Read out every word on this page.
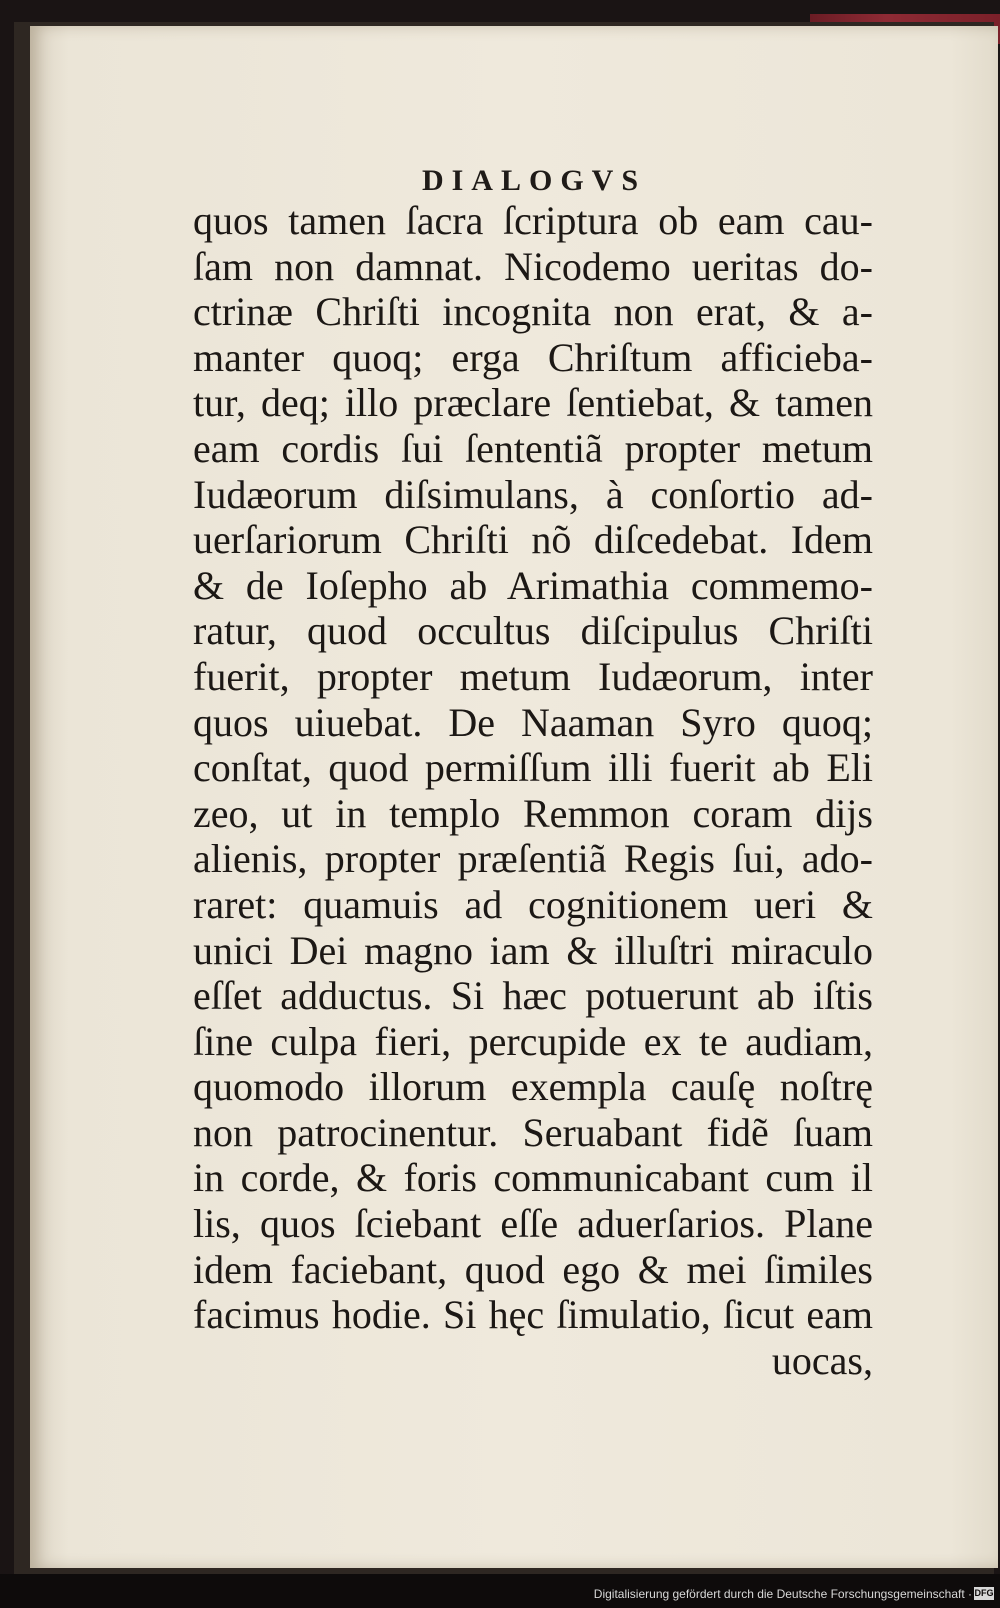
DIALOGVS
quos tamen ſacra ſcriptura ob eam cau-
ſam non damnat. Nicodemo ueritas do-
ctrinæ Chriſti incognita non erat, & a-
manter quoq; erga Chriſtum afficieba-
tur, deq; illo præclare ſentiebat, & tamen
eam cordis ſui ſententiã propter metum
Iudæorum diſsimulans, à conſortio ad-
uerſariorum Chriſti nõ diſcedebat. Idem
& de Ioſepho ab Arimathia commemo-
ratur, quod occultus diſcipulus Chriſti
fuerit, propter metum Iudæorum, inter
quos uiuebat. De Naaman Syro quoq;
conſtat, quod permiſſum illi fuerit ab Eli
zeo, ut in templo Remmon coram dijs
alienis, propter præſentiã Regis ſui, ado-
raret: quamuis ad cognitionem ueri &
unici Dei magno iam & illuſtri miraculo
eſſet adductus. Si hæc potuerunt ab iſtis
ſine culpa fieri, percupide ex te audiam,
quomodo illorum exempla cauſę noſtrę
non patrocinentur. Seruabant fidẽ ſuam
in corde, & foris communicabant cum il
lis, quos ſciebant eſſe aduerſarios. Plane
idem faciebant, quod ego & mei ſimiles
facimus hodie. Si hęc ſimulatio, ſicut eam
uocas,
Digitalisierung gefördert durch die Deutsche Forschungsgemeinschaft · DFG
